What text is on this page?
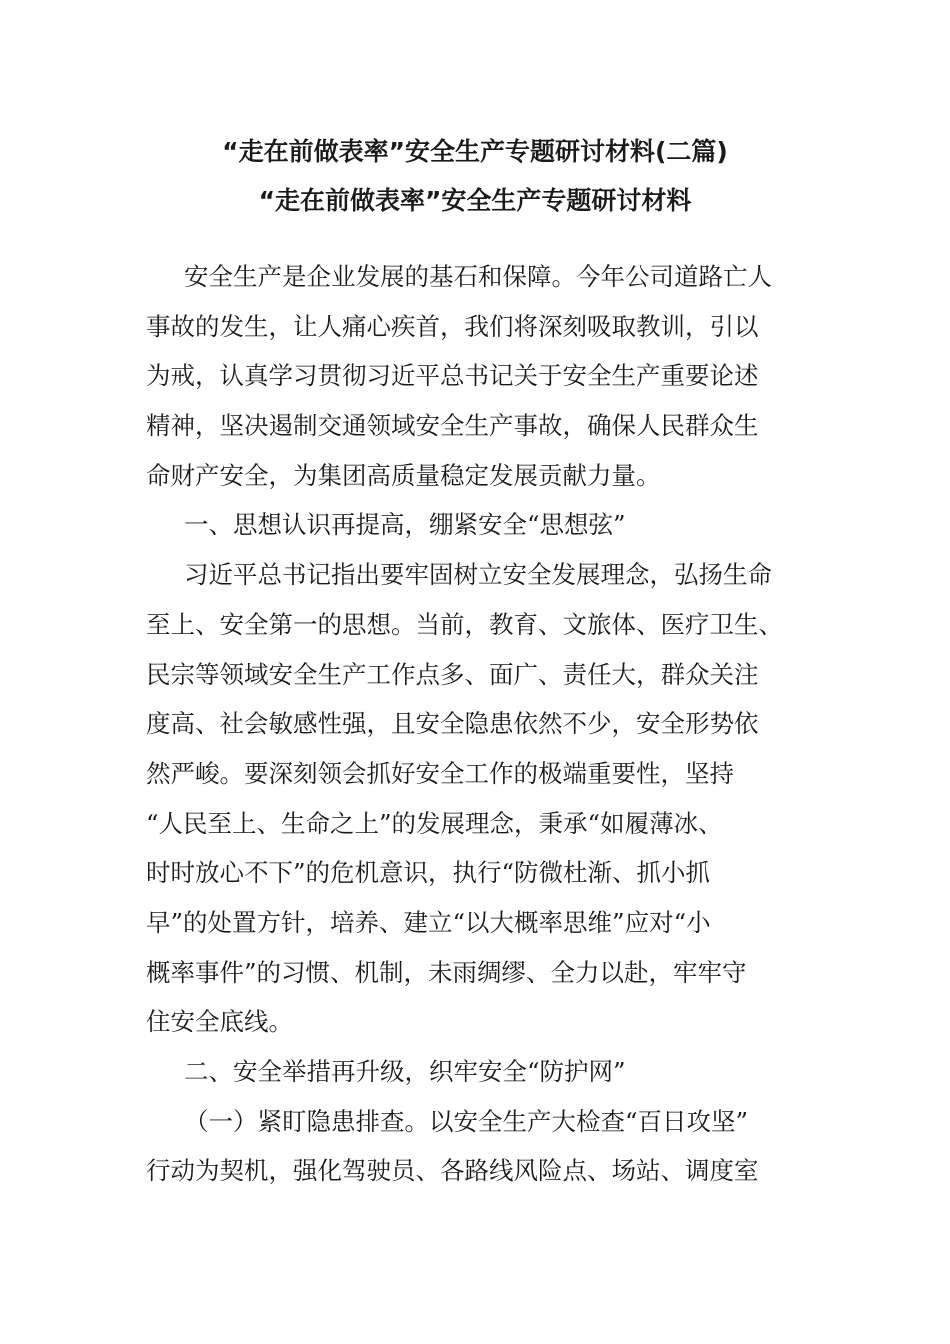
“走在前做表率”安全生产专题研讨材料(二篇)
“走在前做表率”安全生产专题研讨材料
安全生产是企业发展的基石和保障。今年公司道路亡人
事故的发生，让人痛心疾首，我们将深刻吸取教训，引以
为戒，认真学习贯彻习近平总书记关于安全生产重要论述
精神，坚决遏制交通领域安全生产事故，确保人民群众生
命财产安全，为集团高质量稳定发展贡献力量。
一、思想认识再提高，绷紧安全“思想弦”
习近平总书记指出要牢固树立安全发展理念，弘扬生命
至上、安全第一的思想。当前，教育、文旅体、医疗卫生、
民宗等领域安全生产工作点多、面广、责任大，群众关注
度高、社会敏感性强，且安全隐患依然不少，安全形势依
然严峻。要深刻领会抓好安全工作的极端重要性，坚持
“人民至上、生命之上”的发展理念，秉承“如履薄冰、
时时放心不下”的危机意识，执行“防微杜渐、抓小抓
早”的处置方针，培养、建立“以大概率思维”应对“小
概率事件”的习惯、机制，未雨绸缪、全力以赴，牢牢守
住安全底线。
二、安全举措再升级，织牢安全“防护网”
（一）紧盯隐患排查。以安全生产大检查“百日攻坚”
行动为契机，强化驾驶员、各路线风险点、场站、调度室
